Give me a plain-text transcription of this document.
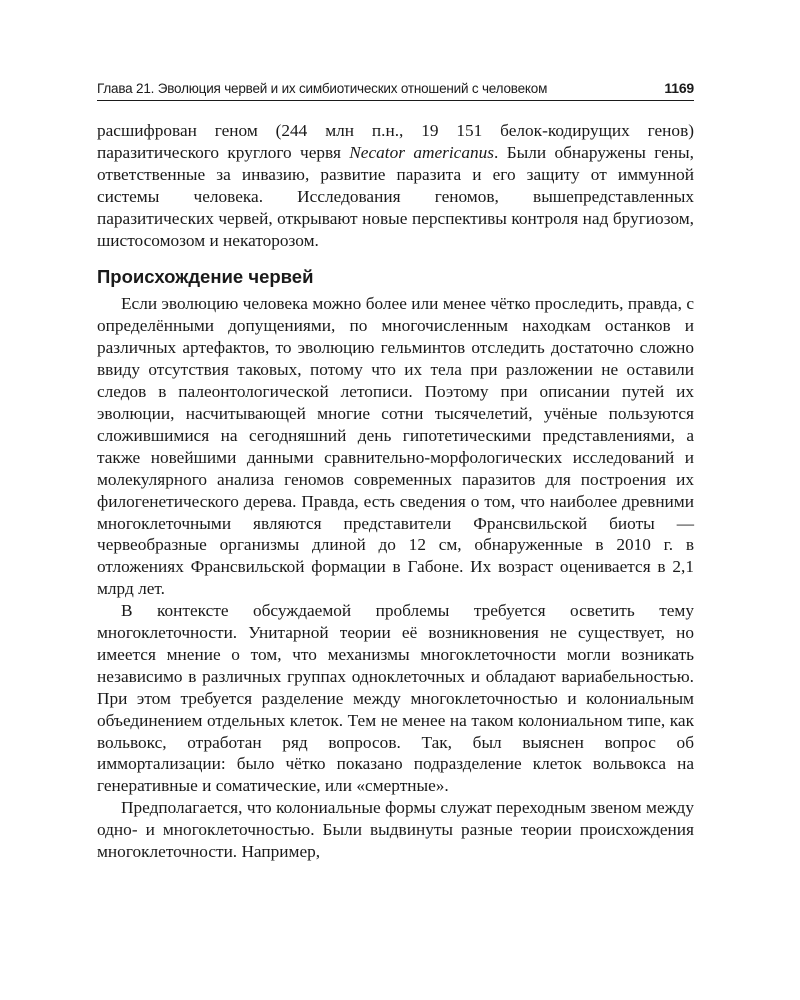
Глава 21. Эволюция червей и их симбиотических отношений с человеком	1169

расшифрован геном (244 млн п.н., 19 151 белок-кодирущих генов) паразитического круглого червя Necator americanus. Были обнаружены гены, ответственные за инвазию, развитие паразита и его защиту от иммунной системы человека. Исследования геномов, вышепредставленных паразитических червей, открывают новые перспективы контроля над бругиозом, шистосомозом и некаторозом.

Происхождение червей

Если эволюцию человека можно более или менее чётко проследить, правда, с определёнными допущениями, по многочисленным находкам останков и различных артефактов, то эволюцию гельминтов отследить достаточно сложно ввиду отсутствия таковых, потому что их тела при разложении не оставили следов в палеонтологической летописи. Поэтому при описании путей их эволюции, насчитывающей многие сотни тысячелетий, учёные пользуются сложившимися на сегодняшний день гипотетическими представлениями, а также новейшими данными сравнительно-морфологических исследований и молекулярного анализа геномов современных паразитов для построения их филогенетического дерева. Правда, есть сведения о том, что наиболее древними многоклеточными являются представители Франсвильской биоты — червеобразные организмы длиной до 12 см, обнаруженные в 2010 г. в отложениях Франсвильской формации в Габоне. Их возраст оценивается в 2,1 млрд лет.

В контексте обсуждаемой проблемы требуется осветить тему многоклеточности. Унитарной теории её возникновения не существует, но имеется мнение о том, что механизмы многоклеточности могли возникать независимо в различных группах одноклеточных и обладают вариабельностью. При этом требуется разделение между многоклеточностью и колониальным объединением отдельных клеток. Тем не менее на таком колониальном типе, как вольвокс, отработан ряд вопросов. Так, был выяснен вопрос об иммортализации: было чётко показано подразделение клеток вольвокса на генеративные и соматические, или «смертные».

Предполагается, что колониальные формы служат переходным звеном между одно- и многоклеточностью. Были выдвинуты разные теории происхождения многоклеточности. Например,
